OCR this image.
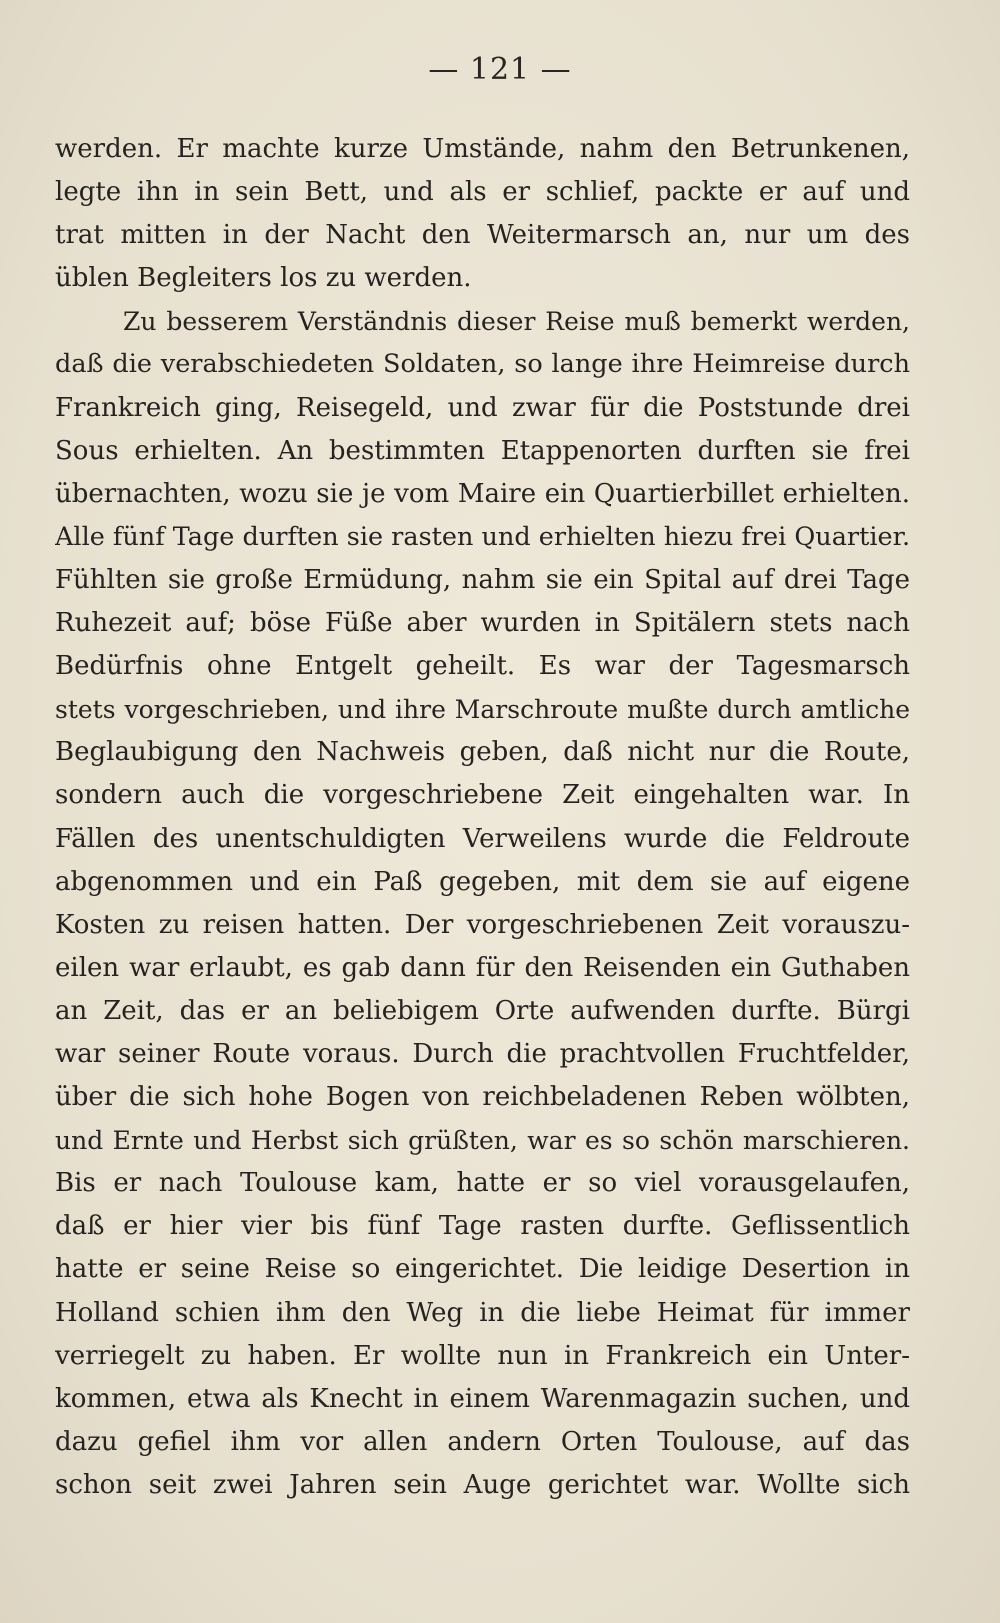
— 121 —
werden. Er machte kurze Umstände, nahm den Betrunkenen,
legte ihn in sein Bett, und als er schlief, packte er auf und
trat mitten in der Nacht den Weitermarsch an, nur um des
üblen Begleiters los zu werden.
Zu besserem Verständnis dieser Reise muß bemerkt werden,
daß die verabschiedeten Soldaten, so lange ihre Heimreise durch
Frankreich ging, Reisegeld, und zwar für die Poststunde drei
Sous erhielten. An bestimmten Etappenorten durften sie frei
übernachten, wozu sie je vom Maire ein Quartierbillet erhielten.
Alle fünf Tage durften sie rasten und erhielten hiezu frei Quartier.
Fühlten sie große Ermüdung, nahm sie ein Spital auf drei Tage
Ruhezeit auf; böse Füße aber wurden in Spitälern stets nach
Bedürfnis ohne Entgelt geheilt. Es war der Tagesmarsch
stets vorgeschrieben, und ihre Marschroute mußte durch amtliche
Beglaubigung den Nachweis geben, daß nicht nur die Route,
sondern auch die vorgeschriebene Zeit eingehalten war. In
Fällen des unentschuldigten Verweilens wurde die Feldroute
abgenommen und ein Paß gegeben, mit dem sie auf eigene
Kosten zu reisen hatten. Der vorgeschriebenen Zeit vorauszu-
eilen war erlaubt, es gab dann für den Reisenden ein Guthaben
an Zeit, das er an beliebigem Orte aufwenden durfte. Bürgi
war seiner Route voraus. Durch die prachtvollen Fruchtfelder,
über die sich hohe Bogen von reichbeladenen Reben wölbten,
und Ernte und Herbst sich grüßten, war es so schön marschieren.
Bis er nach Toulouse kam, hatte er so viel vorausgelaufen,
daß er hier vier bis fünf Tage rasten durfte. Geflissentlich
hatte er seine Reise so eingerichtet. Die leidige Desertion in
Holland schien ihm den Weg in die liebe Heimat für immer
verriegelt zu haben. Er wollte nun in Frankreich ein Unter-
kommen, etwa als Knecht in einem Warenmagazin suchen, und
dazu gefiel ihm vor allen andern Orten Toulouse, auf das
schon seit zwei Jahren sein Auge gerichtet war. Wollte sich
